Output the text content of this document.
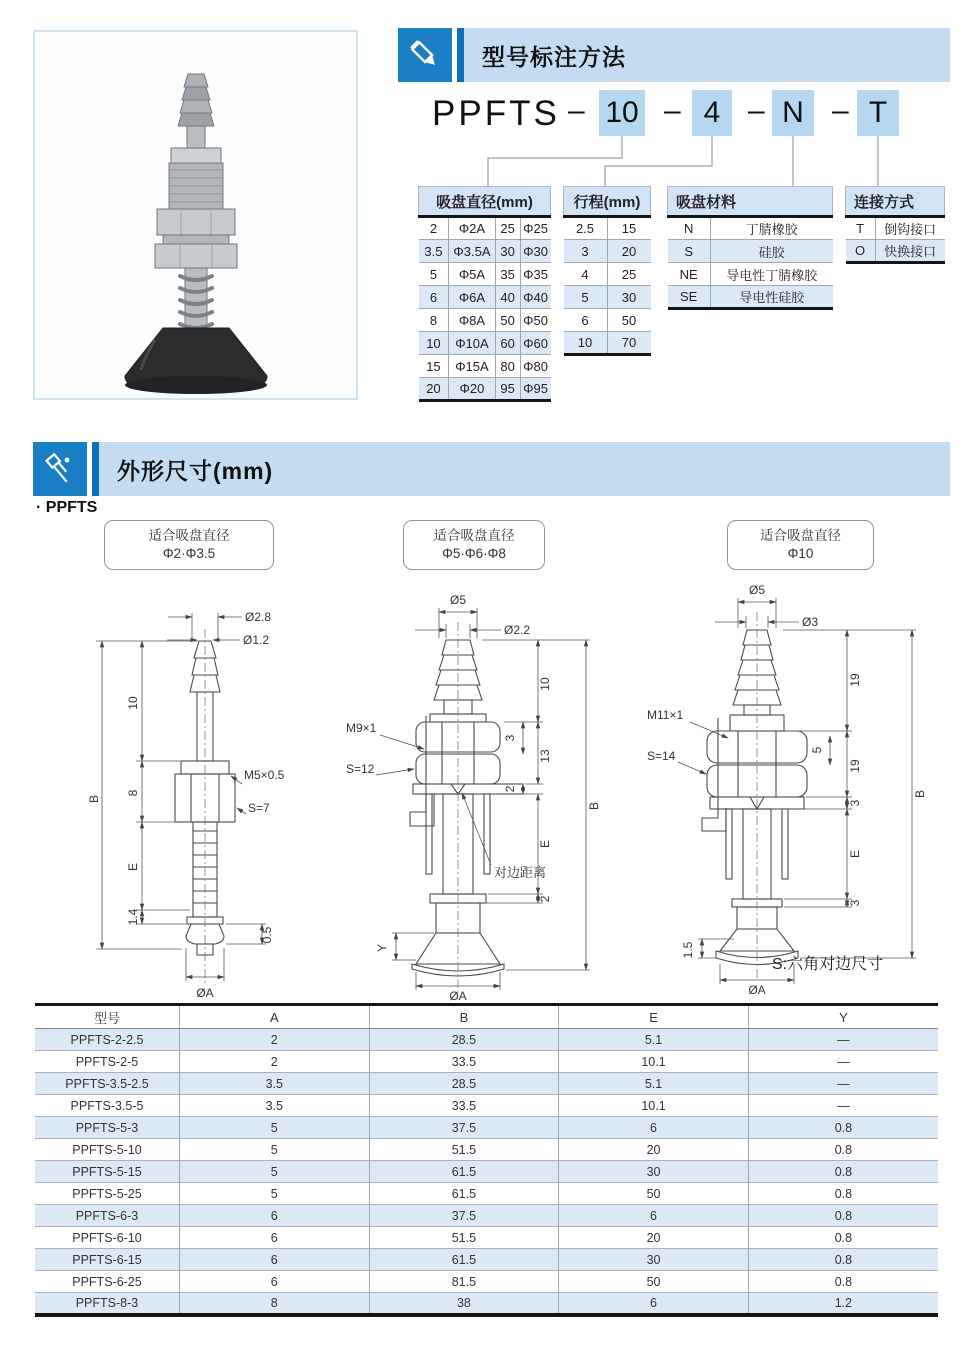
型号标注方法
PPFTS – 10 – 4 – N – T
吸盘直径(mm)			
2	Φ2A	25	Φ25
3.5	Φ3.5A	30	Φ30
5	Φ5A	35	Φ35
6	Φ6A	40	Φ40
8	Φ8A	50	Φ50
10	Φ10A	60	Φ60
15	Φ15A	80	Φ80
20	Φ20	95	Φ95
行程(mm)	
2.5	15
3	20
4	25
5	30
6	50
10	70
吸盘材料	
N	丁腈橡胶
S	硅胶
NE	导电性丁腈橡胶
SE	导电性硅胶
连接方式	
T	倒钩接口
O	快换接口
外形尺寸(mm)
· PPFTS
适合吸盘直径
Φ2·Φ3.5
适合吸盘直径
Φ5·Φ6·Φ8
适合吸盘直径
Φ10
Ø2.8
Ø1.2
B
10
8
E
1.4
0.5
M5×0.5
S=7
ØA
Ø5
Ø2.2
M9×1
S=12
10
3
13
2
E
2
B
Y
ØA
对边距离
Ø5
Ø3
M11×1
S=14
19
5
19
3
E
3
B
1.5
ØA
S:六角对边尺寸
型号	A	B	E	Y
PPFTS-2-2.5	2	28.5	5.1	—
PPFTS-2-5	2	33.5	10.1	—
PPFTS-3.5-2.5	3.5	28.5	5.1	—
PPFTS-3.5-5	3.5	33.5	10.1	—
PPFTS-5-3	5	37.5	6	0.8
PPFTS-5-10	5	51.5	20	0.8
PPFTS-5-15	5	61.5	30	0.8
PPFTS-5-25	5	61.5	50	0.8
PPFTS-6-3	6	37.5	6	0.8
PPFTS-6-10	6	51.5	20	0.8
PPFTS-6-15	6	61.5	30	0.8
PPFTS-6-25	6	81.5	50	0.8
PPFTS-8-3	8	38	6	1.2
